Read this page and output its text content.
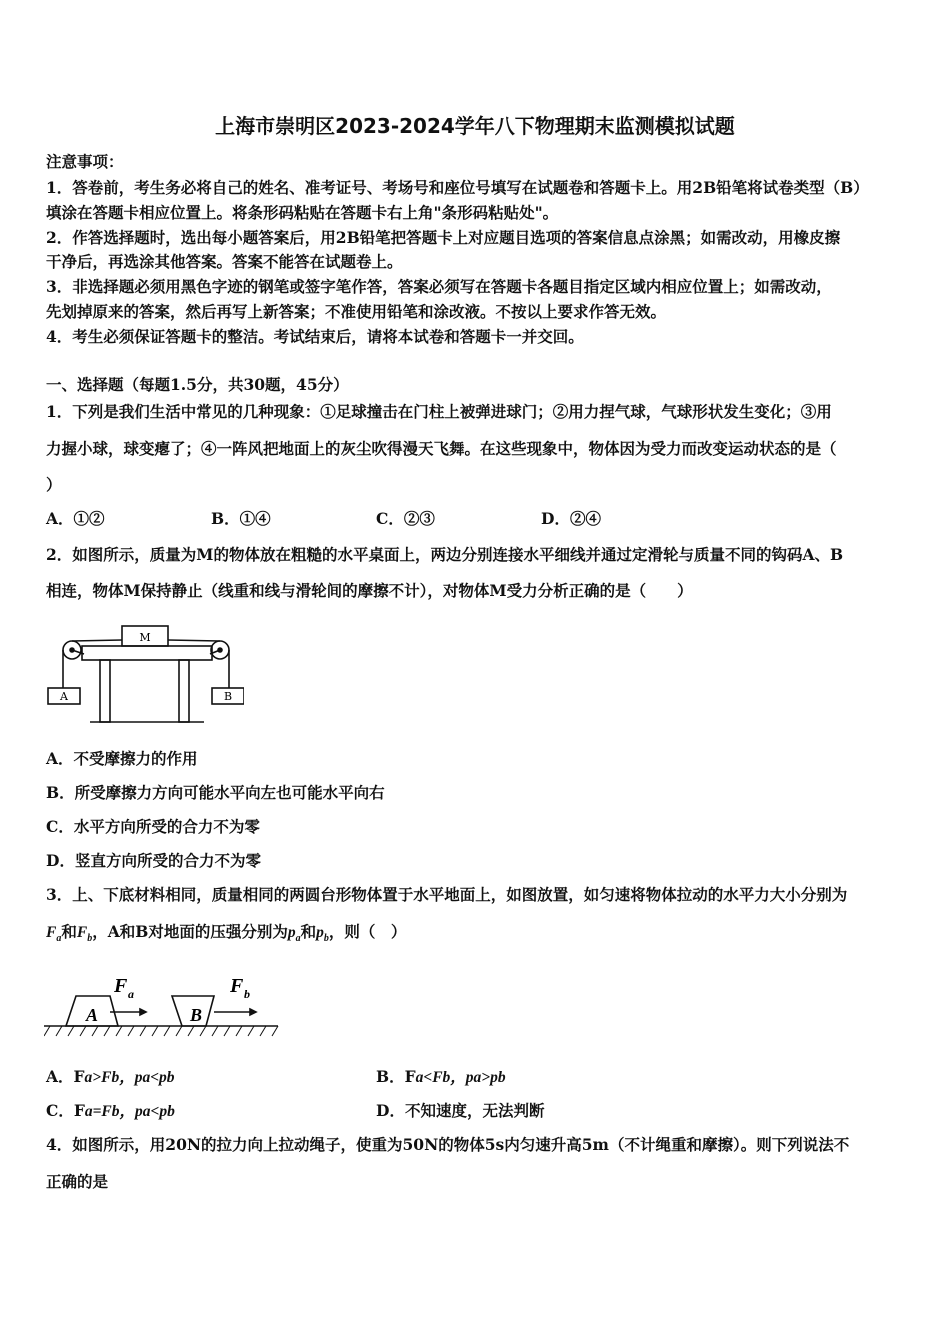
上海市崇明区2023-2024学年八下物理期末监测模拟试题
注意事项：
1．答卷前，考生务必将自己的姓名、准考证号、考场号和座位号填写在试题卷和答题卡上。用2B铅笔将试卷类型（B）
填涂在答题卡相应位置上。将条形码粘贴在答题卡右上角"条形码粘贴处"。
2．作答选择题时，选出每小题答案后，用2B铅笔把答题卡上对应题目选项的答案信息点涂黑；如需改动，用橡皮擦
干净后，再选涂其他答案。答案不能答在试题卷上。
3．非选择题必须用黑色字迹的钢笔或签字笔作答，答案必须写在答题卡各题目指定区域内相应位置上；如需改动，
先划掉原来的答案，然后再写上新答案；不准使用铅笔和涂改液。不按以上要求作答无效。
4．考生必须保证答题卡的整洁。考试结束后，请将本试卷和答题卡一并交回。
一、选择题（每题1.5分，共30题，45分）
1．下列是我们生活中常见的几种现象：①足球撞击在门柱上被弹进球门；②用力捏气球，气球形状发生变化；③用
力握小球，球变瘪了；④一阵风把地面上的灰尘吹得漫天飞舞。在这些现象中，物体因为受力而改变运动状态的是（
）
A．①②	B．①④	C．②③	D．②④
2．如图所示，质量为M的物体放在粗糙的水平桌面上，两边分别连接水平细线并通过定滑轮与质量不同的钩码A、B
相连，物体M保持静止（线重和线与滑轮间的摩擦不计），对物体M受力分析正确的是（　　）
M
A	B
A．不受摩擦力的作用
B．所受摩擦力方向可能水平向左也可能水平向右
C．水平方向所受的合力不为零
D．竖直方向所受的合力不为零
3．上、下底材料相同，质量相同的两圆台形物体置于水平地面上，如图放置，如匀速将物体拉动的水平力大小分别为
$F_a$和$F_b$，A和B对地面的压强分别为$p_a$和$p_b$，则（　）
A	B
F a	F b
A．Fa>Fb，pa<pb	B．Fa<Fb，pa>pb
C．Fa=Fb，pa<pb	D．不知速度，无法判断
4．如图所示，用20N的拉力向上拉动绳子，使重为50N的物体5s内匀速升高5m（不计绳重和摩擦）。则下列说法不
正确的是
